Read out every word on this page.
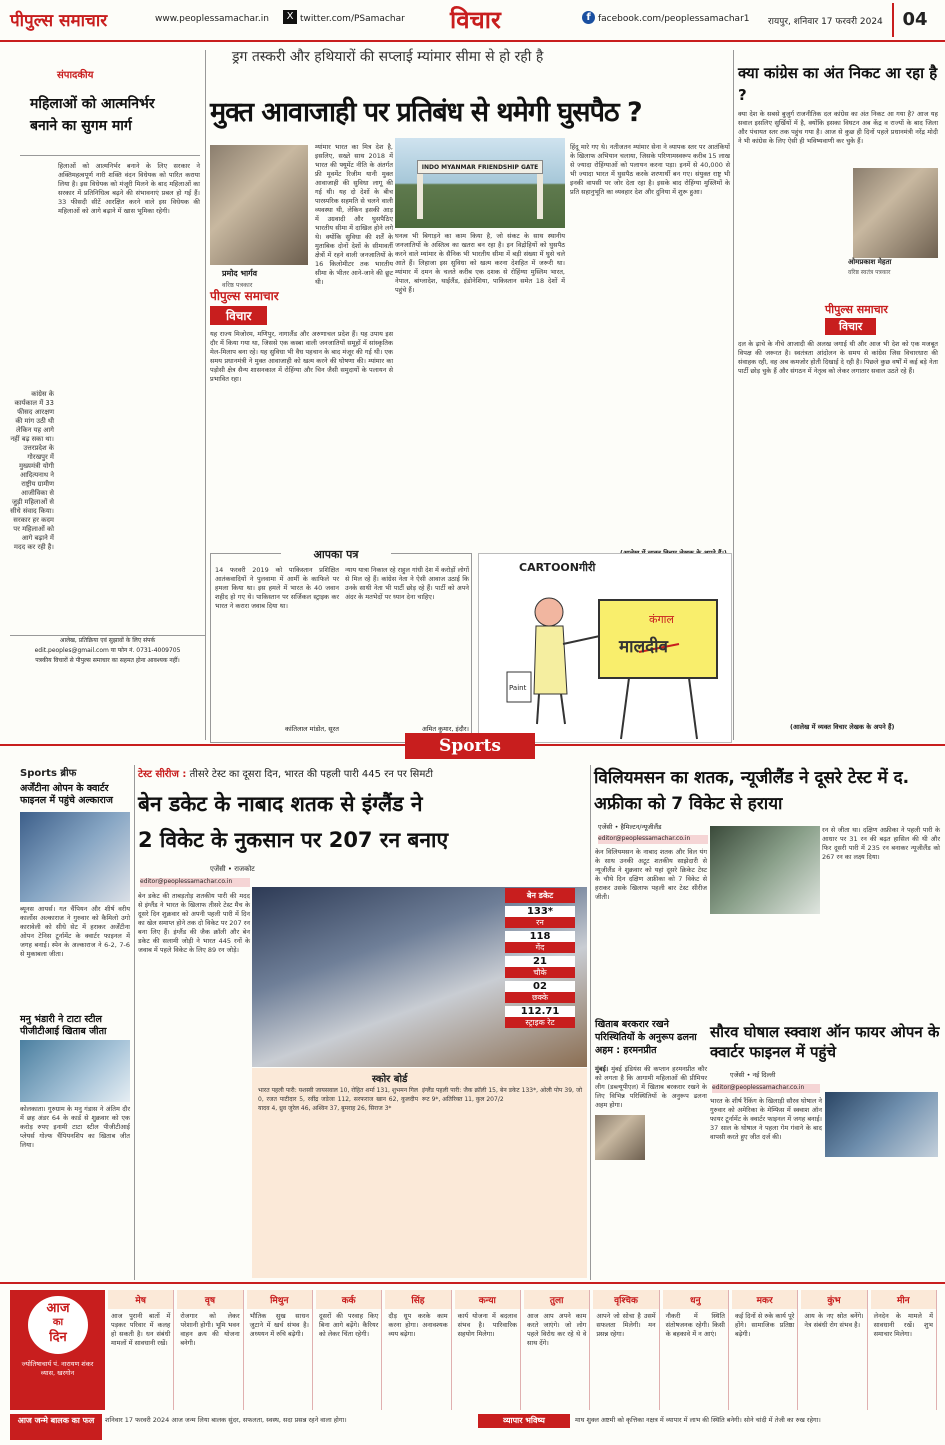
पीपुल्स समाचार	www.peoplessamachar.in	X twitter.com/PSamachar विचार	f facebook.com/peoplessamachar1 रायपुर, शनिवार 17 फरवरी 2024	04
संपादकीय
महिलाओं को आत्मनिर्भर बनाने का सुगम मार्ग
हिलाओं को आत्मनिर्भर बनाने के लिए सरकार ने अक्तिमहत्वपूर्ण नारी शक्ति वंदन विधेयक को पारित कराया लिया है। इस विधेयक को मंजूरी मिलने के बाद महिलाओं का सरकार में प्रतिनिधित्व बढ़ने की संभावनाएं प्रबल हो गई हैं। 33 फीसदी सीटें आरक्षित करने वाले इस विधेयक की महिलाओं को आगे बढ़ाने में खास भूमिका रहेगी।
कांग्रेस के कार्यकाल में 33 फीसद आरक्षण की मांग उठी थी लेकिन यह आगे नहीं बढ़ सका था। उत्तरप्रदेश के गोरखपुर में मुख्यमंत्री योगी आदित्यनाथ ने राष्ट्रीय ग्रामीण आजीविका से जुड़ी महिलाओं से सीधे संवाद किया। सरकार हर कदम पर महिलाओं को आगे बढ़ाने में मदद कर रही है।
आलेख, प्रतिक्रिया एवं सुझावों के लिए संपर्क
edit.peoples@gmail.com या फोन नं. 0731-4009705
पत्रकीय विचारों से पीपुल्स समाचार का सहमत होना आवश्यक नहीं।
ड्रग तस्करी और हथियारों की सप्लाई म्यांमार सीमा से हो रही है
मुक्त आवाजाही पर प्रतिबंध से थमेगी घुसपैठ ?
प्रमोद भार्गव
वरिष्ठ पत्रकार
पीपुल्स समाचार
विचार
म्यांमार भारत का मित्र देश है, इसलिए, सख्ते साथ 2018 में भारत की फ्यूमेंट नीति के अंतर्गत फ्री मूवमेंट रिजीम यानी मुक्त आवाजाही की सुविधा लागू की गई थी। यह दो देशों के बीच पारस्परिक सहमति से चलने वाली व्यवस्था थी, लेकिन इसकी आड़ में उग्रवादी और घुसपैठिए भारतीय सीमा में दाखिल होने लगे थे। क्योंकि सुविधा की शर्तें के मुताबिक दोनों देशों के सीमावर्ती क्षेत्रों में रहने वाली जनजातियों के 16 किलोमीटर तक भारतीय सीमा के भीतर आने-जाने की छूट थी।
यह राज्य मिजोरम, मणिपुर, नागालैंड और अरुणाचल प्रदेश हैं। यह उपाय इस दौर में किया गया था, जिससे एक कस्बा वाली जनजातियों समूहों में सांस्कृतिक मेल-मिलाप बना रहे। यह सुविधा भी वैध पहचान के बाद मंजूर की गई थी। एक समय प्रधानमंत्री ने मुक्त आवाजाही को खत्म करने की घोषणा की। म्यांमार का पड़ोसी क्षेत्र सैन्य शासनकाल में रोहिंग्या और चिन जैसी समुदायों के पलायन से प्रभावित रहा।
INDO MYANMAR FRIENDSHIP GATE
घनत्व भी बिगाड़ने का काम किया है, जो संकट के साथ स्थानीय जनजातियों के अस्तित्व का खतरा बन रहा है। इन विद्रोहियों को घुसपैठ करने वाले म्यांमार के सैनिक भी भारतीय सीमा में बड़ी संख्या में घुसे चले आते हैं। लिहाजा इस सुविधा को खत्म करना देशहित में जरूरी था। म्यांमार में दमन के चलते करीब एक दशक से रोहिंग्या मुस्लिम भारत, नेपाल, बांग्लादेश, थाईलैंड, इंडोनेशिया, पाकिस्तान समेत 18 देशों में पहुंचे हैं।
हिंदू मारे गए थे। नतीजतन म्यांमार सेना ने व्यापक स्तर पर आतंकियों के खिलाफ अभियान चलाया, जिसके परिणामस्वरूप करीब 15 लाख से ज्यादा रोहिंग्याओं को पलायन करना पड़ा। इनमें से 40,000 से भी ज्यादा भारत में घुसपैठ करके शरणार्थी बन गए। संयुक्त राष्ट्र भी इनकी वापसी पर जोर देता रहा है। इसके बाद रोहिंग्या मुस्लिमों के प्रति सहानुभूति का व्यवहार देश और दुनिया में शुरू हुआ।
क्या कांग्रेस का अंत निकट आ रहा है ?
क्या देश के सबसे बुजुर्ग राजनीतिक दल कांग्रेस का अंत निकट आ गया है? आज यह सवाल इसलिए सुर्खियों में है, क्योंकि इसका विघटन अब केंद्र व राज्यों के बाद जिला और पंचायत स्तर तक पहुंच गया है। आज से कुछ ही दिनों पहले प्रधानमंत्री नरेंद्र मोदी ने भी कांग्रेस के लिए ऐसी ही भविष्यवाणी कर चुके हैं।
ओमप्रकाश मेहता
वरिष्ठ स्वतंत्र पत्रकार
पीपुल्स समाचार
विचार
दल के ढ़ाचे के नीचे आजादी की अलख जगाई थी और आज भी देश को एक मजबूत विपक्ष की जरूरत है। स्वतंत्रता आंदोलन के समय से कांग्रेस जिस विचारधारा की संवाहक रही, वह अब कमजोर होती दिखाई दे रही है। पिछले कुछ वर्षों में कई बड़े नेता पार्टी छोड़ चुके हैं और संगठन में नेतृत्व को लेकर लगातार सवाल उठते रहे हैं।
(आलेख में व्यक्त विचार लेखक के अपने हैं)
आपका पत्र
14 फरवरी 2019 को पाकिस्तान प्रशिक्षित आतंकवादियों ने पुलवामा में आर्मी के काफिले पर हमला किया था। इस हमले में भारत के 40 जवान शहीद हो गए थे। पाकिस्तान पर सर्जिकल स्ट्राइक कर भारत ने करारा जवाब दिया था।
न्याय यात्रा निकाल रहे राहुल गांधी देश में करोड़ों लोगों से मिल रहे हैं। कांग्रेस नेता ने ऐसी आवाज उठाई कि उनके साथी नेता भी पार्टी छोड़ रहे हैं। पार्टी को अपने अंदर के मतभेदों पर ध्यान देना चाहिए।
कांतिलाल मांडोत, सूरत	अमित कुमार, इंदौर।
CARTOONगीरी
कंगाल
मालदीव
Paint
Sports
Sports ब्रीफ
अर्जेंटीना ओपन के क्वार्टर फाइनल में पहुंचे अल्काराज
ब्यूनस आयर्स। गत चैंपियन और शीर्ष वरीय कार्लोस अल्काराज ने गुरुवार को कैमिलो उगो कारावेली को सीधे सेट में हराकर अर्जेंटीना ओपन टेनिस टूर्नामेंट के क्वार्टर फाइनल में जगह बनाई। स्पेन के अल्काराज ने 6-2, 7-6 से मुकाबला जीता।
मनु भंडारी ने टाटा स्टील पीजीटीआई खिताब जीता
कोलकाता। गुरुग्राम के मनु गंडास ने अंतिम दौर में छह अंडर 64 के कार्ड से शुक्रवार को एक करोड़ रुपए इनामी टाटा स्टील पीजीटीआई प्लेयर्स गोल्फ चैंपियनशिप का खिताब जीत लिया।
टेस्ट सीरीज : तीसरे टेस्ट का दूसरा दिन, भारत की पहली पारी 445 रन पर सिमटी
बेन डकेट के नाबाद शतक से इंग्लैंड ने
2 विकेट के नुकसान पर 207 रन बनाए
एजेंसी • राजकोट
editor@peoplessamachar.co.in
बेन डकेट की ताबड़तोड़ शतकीय पारी की मदद से इंग्लैंड ने भारत के खिलाफ तीसरे टेस्ट मैच के दूसरे दिन शुक्रवार को अपनी पहली पारी में दिन का खेल समाप्त होने तक दो विकेट पर 207 रन बना लिए हैं। इंग्लैंड की जैक क्रॉली और बेन डकेट की सलामी जोड़ी ने भारत 445 रनों के जवाब में पहले विकेट के लिए 89 रन जोड़े।
बेन डकेट
133*
रन
118
गेंद
21
चौके
02
छक्के
112.71
स्ट्राइक रेट
स्कोर बोर्ड
भारत पहली पारी: यशस्वी जायसवाल 10, रोहित शर्मा 131, शुभमन गिल 0, रजत पाटीदार 5, रवींद्र जडेजा 112, सरफराज खान 62, कुलदीप यादव 4, ध्रुव जुरेल 46, अश्विन 37, बुमराह 26, सिराज 3*
इंग्लैंड पहली पारी: जैक क्रॉली 15, बेन डकेट 133*, ओली पोप 39, जो रूट 9*, अतिरिक्त 11, कुल 207/2
विलियमसन का शतक, न्यूजीलैंड ने दूसरे टेस्ट में द. अफ्रीका को 7 विकेट से हराया
एजेंसी • हैमिल्टन/न्यूजीलैंड
editor@peoplessamachar.co.in
केन विलियमसन के नाबाद शतक और विल यंग के साथ उनकी अटूट शतकीय साझेदारी से न्यूजीलैंड ने शुक्रवार को यहां दूसरे क्रिकेट टेस्ट के चौथे दिन दक्षिण अफ्रीका को 7 विकेट से हराकर उसके खिलाफ पहली बार टेस्ट सीरीज जीती।
रन से जीता था। दक्षिण अफ्रीका ने पहली पारी के आधार पर 31 रन की बढ़त हासिल की थी और फिर दूसरी पारी में 235 रन बनाकर न्यूजीलैंड को 267 रन का लक्ष्य दिया।
खिताब बरकरार रखने परिस्थितियों के अनुरूप ढलना अहम : हरमनप्रीत
मुंबई। मुंबई इंडियंस की कप्तान हरमनप्रीत कौर को लगता है कि आगामी महिलाओं की प्रीमियर लीग (डब्ल्यूपीएल) में खिताब बरकरार रखने के लिए विभिन्न परिस्थितियों के अनुरूप ढलना अहम होगा।
सौरव घोषाल स्क्वाश ऑन फायर ओपन के क्वार्टर फाइनल में पहुंचे
एजेंसी • नई दिल्ली
editor@peoplessamachar.co.in
भारत के शीर्ष रैंकिंग के खिलाड़ी सौरव घोषाल ने गुरुवार को अमेरिका के मेम्फिस में स्क्वाश ऑन फायर टूर्नामेंट के क्वार्टर फाइनल में जगह बनाई। 37 साल के घोषाल ने पहला गेम गंवाने के बाद वापसी करते हुए जीत दर्ज की।
आज
का
दिन
ज्योतिषाचार्य पं. नारायण शंकर व्यास, खरगोन
मेष
आज पुरानी बातों में पड़कर परिवार में कलह हो सकती है। धन संबंधी मामलों में सावधानी रखें।
वृष
रोजगार को लेकर परेशानी होगी। भूमि भवन वाहन क्रय की योजना बनेगी।
मिथुन
भौतिक सुख साधन जुटाने में खर्च संभव है। अध्ययन में रुचि बढ़ेगी।
कर्क
दूसरों की परवाह किए बिना आगे बढ़ेंगे। कैरियर को लेकर चिंता रहेगी।
सिंह
दौड़ धूप करके काम करना होगा। अनावश्यक व्यय बढ़ेगा।
कन्या
कार्य योजना में बदलाव संभव है। पारिवारिक सहयोग मिलेगा।
तुला
आज आप अपने काम करते जाएंगे। जो लोग पहले विरोध कर रहे थे वे साथ देंगे।
वृश्चिक
आपने जो सोचा है उसमें सफलता मिलेगी। मन प्रसन्न रहेगा।
धनु
नौकरी में स्थिति संतोषजनक रहेगी। किसी के बहकावे में न आएं।
मकर
कई दिनों से रुके कार्य पूरे होंगे। सामाजिक प्रतिष्ठा बढ़ेगी।
कुंभ
आय के नए स्रोत बनेंगे। नेत्र संबंधी रोग संभव है।
मीन
लेनदेन के मामले में सावधानी रखें। शुभ समाचार मिलेगा।
आज जन्मे बालक का फल	शनिवार 17 फरवरी 2024 आज जन्म लिया बालक सुंदर, सफलता, स्वस्थ, सदा प्रसन्न रहने वाला होगा।	व्यापार भविष्य	माघ शुक्ल अष्टमी को कृत्तिका नक्षत्र में व्यापार में लाभ की स्थिति बनेगी। सोने चांदी में तेजी का रुख रहेगा।
